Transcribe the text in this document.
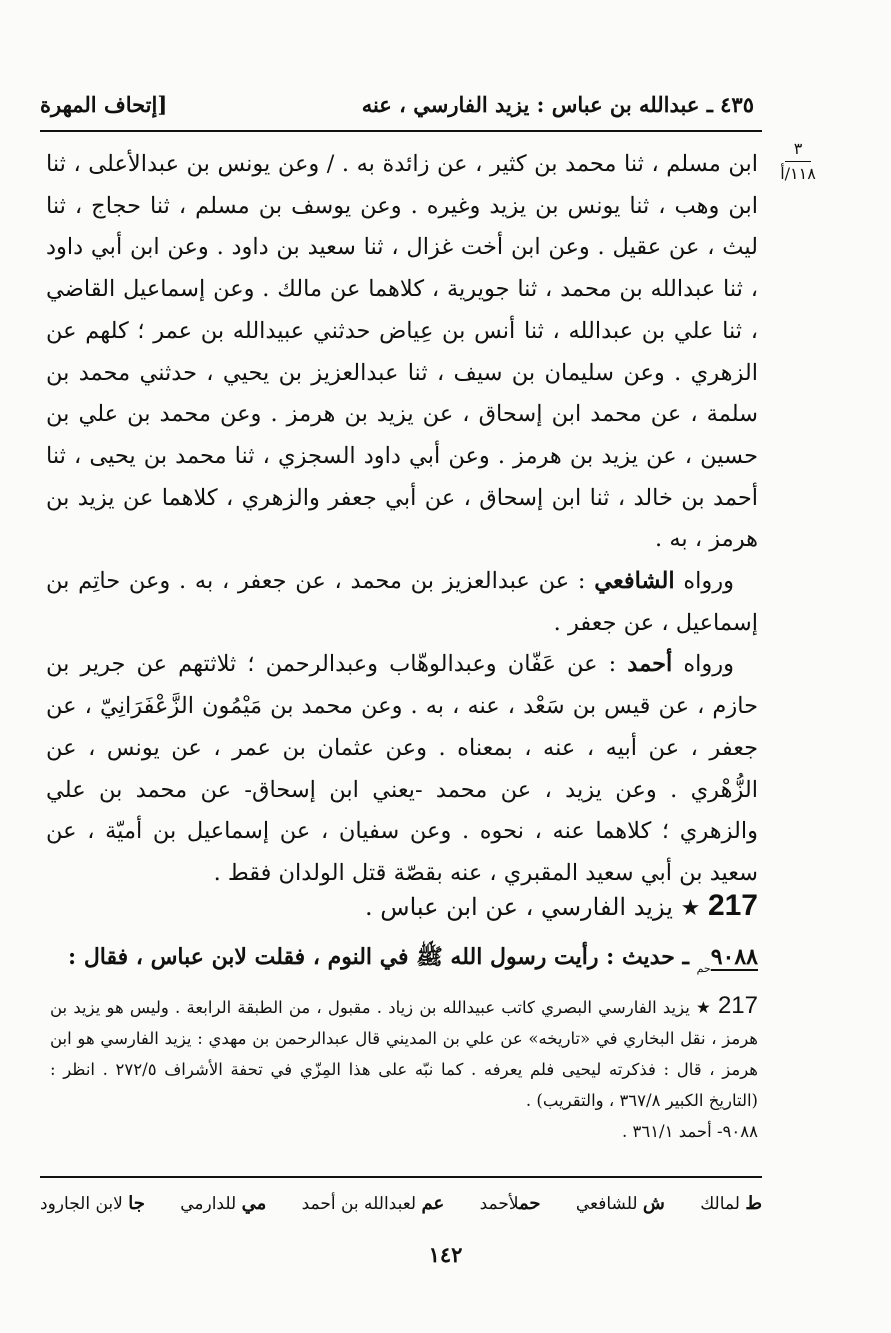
٤٣٥ ـ عبدالله بن عباس : يزيد الفارسي ، عنه
[إتحاف المهرة
٣
١١٨/أ

ابن مسلم ، ثنا محمد بن كثير ، عن زائدة به . / وعن يونس بن عبدالأعلى ، ثنا ابن وهب ، ثنا يونس بن يزيد وغيره . وعن يوسف بن مسلم ، ثنا حجاج ، ثنا ليث ، عن عقيل . وعن ابن أخت غزال ، ثنا سعيد بن داود . وعن ابن أبي داود ، ثنا عبدالله بن محمد ، ثنا جويرية ، كلاهما عن مالك . وعن إسماعيل القاضي ، ثنا علي بن عبدالله ، ثنا أنس بن عِياض حدثني عبيدالله بن عمر ؛ كلهم عن الزهري . وعن سليمان بن سيف ، ثنا عبدالعزيز بن يحيي ، حدثني محمد بن سلمة ، عن محمد ابن إسحاق ، عن يزيد بن هرمز . وعن محمد بن علي بن حسين ، عن يزيد بن هرمز . وعن أبي داود السجزي ، ثنا محمد بن يحيى ، ثنا أحمد بن خالد ، ثنا ابن إسحاق ، عن أبي جعفر والزهري ، كلاهما عن يزيد بن هرمز ، به .

ورواه الشافعي : عن عبدالعزيز بن محمد ، عن جعفر ، به . وعن حاتِم بن إسماعيل ، عن جعفر .

ورواه أحمد : عن عَفّان وعبدالوهّاب وعبدالرحمن ؛ ثلاثتهم عن جرير بن حازم ، عن قيس بن سَعْد ، عنه ، به . وعن محمد بن مَيْمُون الزَّعْفَرَانِيّ ، عن جعفر ، عن أبيه ، عنه ، بمعناه . وعن عثمان بن عمر ، عن يونس ، عن الزُّهْري . وعن يزيد ، عن محمد -يعني ابن إسحاق- عن محمد بن علي والزهري ؛ كلاهما عنه ، نحوه . وعن سفيان ، عن إسماعيل بن أميّة ، عن سعيد بن أبي سعيد المقبري ، عنه بقصّة قتل الولدان فقط .

217 ★ يزيد الفارسي ، عن ابن عباس .
$٩٠٨٨_{حم}$ ـ حديث : رأيت رسول الله ﷺ في النوم ، فقلت لابن عباس ، فقال :

217 ★ يزيد الفارسي البصري كاتب عبيدالله بن زياد . مقبول ، من الطبقة الرابعة . وليس هو يزيد بن هرمز ، نقل البخاري في «تاريخه» عن علي بن المديني قال عبدالرحمن بن مهدي : يزيد الفارسي هو ابن هرمز ، قال : فذكرته ليحيى فلم يعرفه . كما نبّه على هذا المِزّي في تحفة الأشراف ٢٧٢/٥ . انظر : (التاريخ الكبير ٣٦٧/٨ ، والتقريب) .

٩٠٨٨- أحمد ٣٦١/١ .

ط لمالك
ش للشافعي
حملأحمد
عم لعبدالله بن أحمد
مي للدارمي
جا لابن الجارود
١٤٢
